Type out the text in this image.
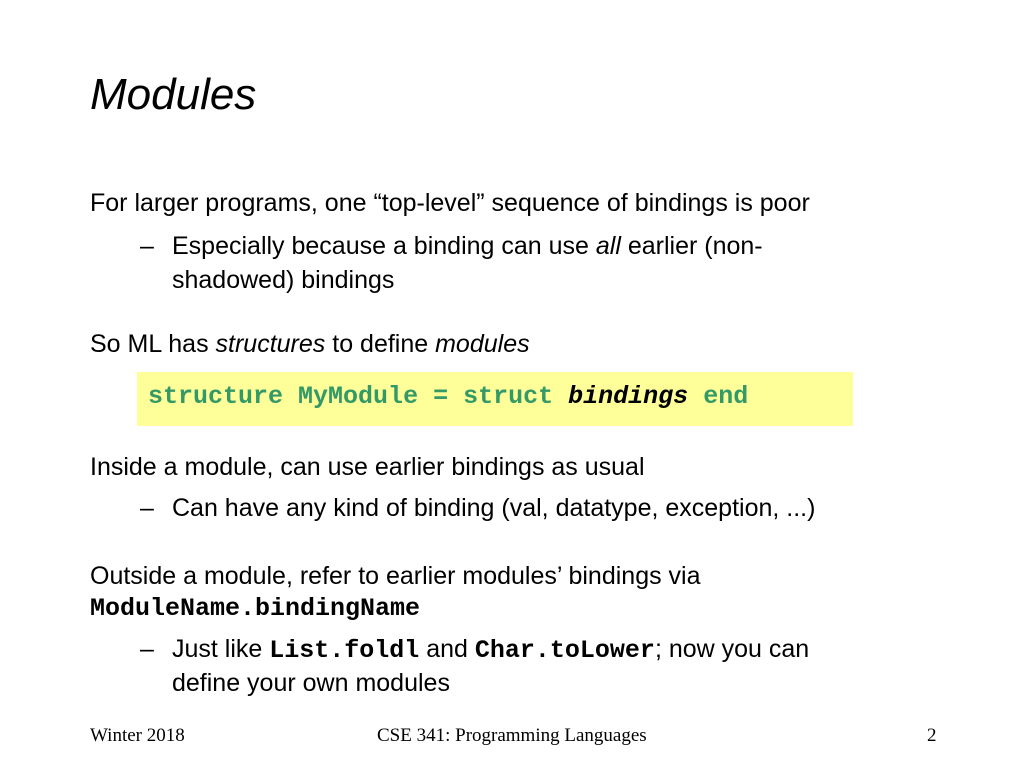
Modules
For larger programs, one “top-level” sequence of bindings is poor
– Especially because a binding can use all earlier (non-
shadowed) bindings
So ML has structures to define modules
structure MyModule = struct bindings end
Inside a module, can use earlier bindings as usual
– Can have any kind of binding (val, datatype, exception, ...)
Outside a module, refer to earlier modules’ bindings via
ModuleName.bindingName
– Just like List.foldl and Char.toLower; now you can
define your own modules
Winter 2018	CSE 341: Programming Languages	2
